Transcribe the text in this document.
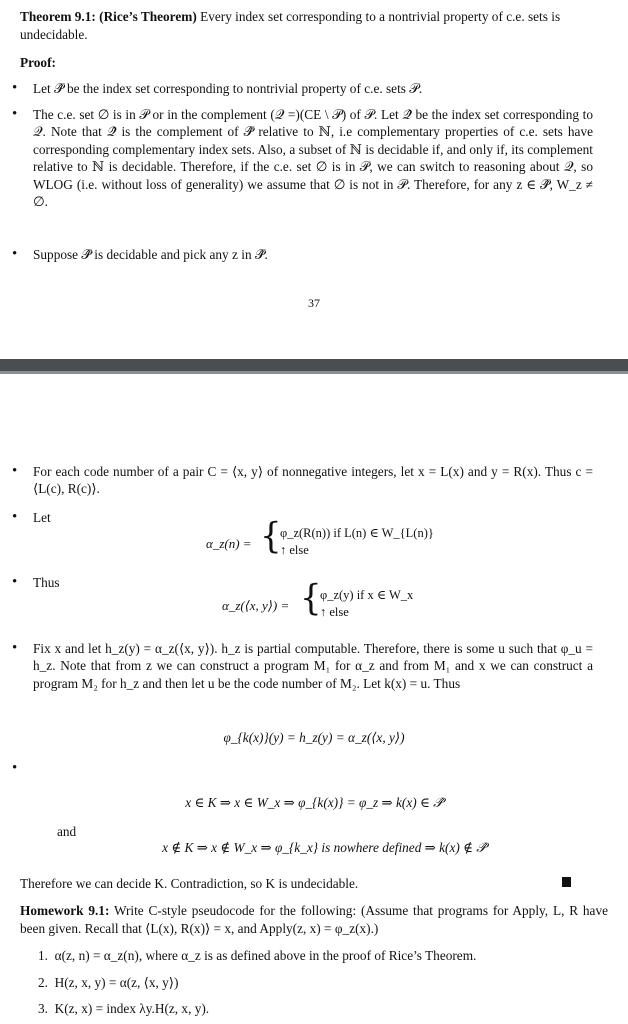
Theorem 9.1: (Rice’s Theorem) Every index set corresponding to a nontrivial property of c.e. sets is undecidable.
Proof:
• Let 𝒫̂ be the index set corresponding to nontrivial property of c.e. sets 𝒫.
• The c.e. set ∅ is in 𝒫 or in the complement (𝒬 =)(CE \ 𝒫) of 𝒫. Let 𝒬̂ be the index set corresponding to 𝒬. Note that 𝒬̂ is the complement of 𝒫̂ relative to ℕ, i.e complementary properties of c.e. sets have corresponding complementary index sets. Also, a subset of ℕ is decidable if, and only if, its complement relative to ℕ is decidable. Therefore, if the c.e. set ∅ is in 𝒫, we can switch to reasoning about 𝒬, so WLOG (i.e. without loss of generality) we assume that ∅ is not in 𝒫. Therefore, for any z ∈ 𝒫̂, W_z ≠ ∅.
• Suppose 𝒫̂ is decidable and pick any z in 𝒫̂.
37
• For each code number of a pair C = ⟨x, y⟩ of nonnegative integers, let x = L(x) and y = R(x). Thus c = ⟨L(c), R(c)⟩.
• Let
α_z(n) = {
φ_z(R(n)) if L(n) ∈ W_{L(n)}
↑ else
• Thus
α_z(⟨x, y⟩) = {
φ_z(y) if x ∈ W_x
↑ else
• Fix x and let h_z(y) = α_z(⟨x, y⟩). h_z is partial computable. Therefore, there is some u such that φ_u = h_z. Note that from z we can construct a program M₁ for α_z and from M₁ and x we can construct a program M₂ for h_z and then let u be the code number of M₂. Let k(x) = u. Thus
φ_{k(x)}(y) = h_z(y) = α_z(⟨x, y⟩)
x ∈ K ⇒ x ∈ W_x ⇒ φ_{k(x)} = φ_z ⇒ k(x) ∈ 𝒫̂
and
x ∉ K ⇒ x ∉ W_x ⇒ φ_{k_x} is nowhere defined ⇒ k(x) ∉ 𝒫̂
Therefore we can decide K. Contradiction, so K is undecidable.
Homework 9.1: Write C-style pseudocode for the following: (Assume that programs for Apply, L, R have been given. Recall that ⟨L(x), R(x)⟩ = x, and Apply(z, x) = φ_z(x).)
1.  α(z, n) = α_z(n), where α_z is as defined above in the proof of Rice’s Theorem.
2.  H(z, x, y) = α(z, ⟨x, y⟩)
3.  K(z, x) = index λy.H(z, x, y).
